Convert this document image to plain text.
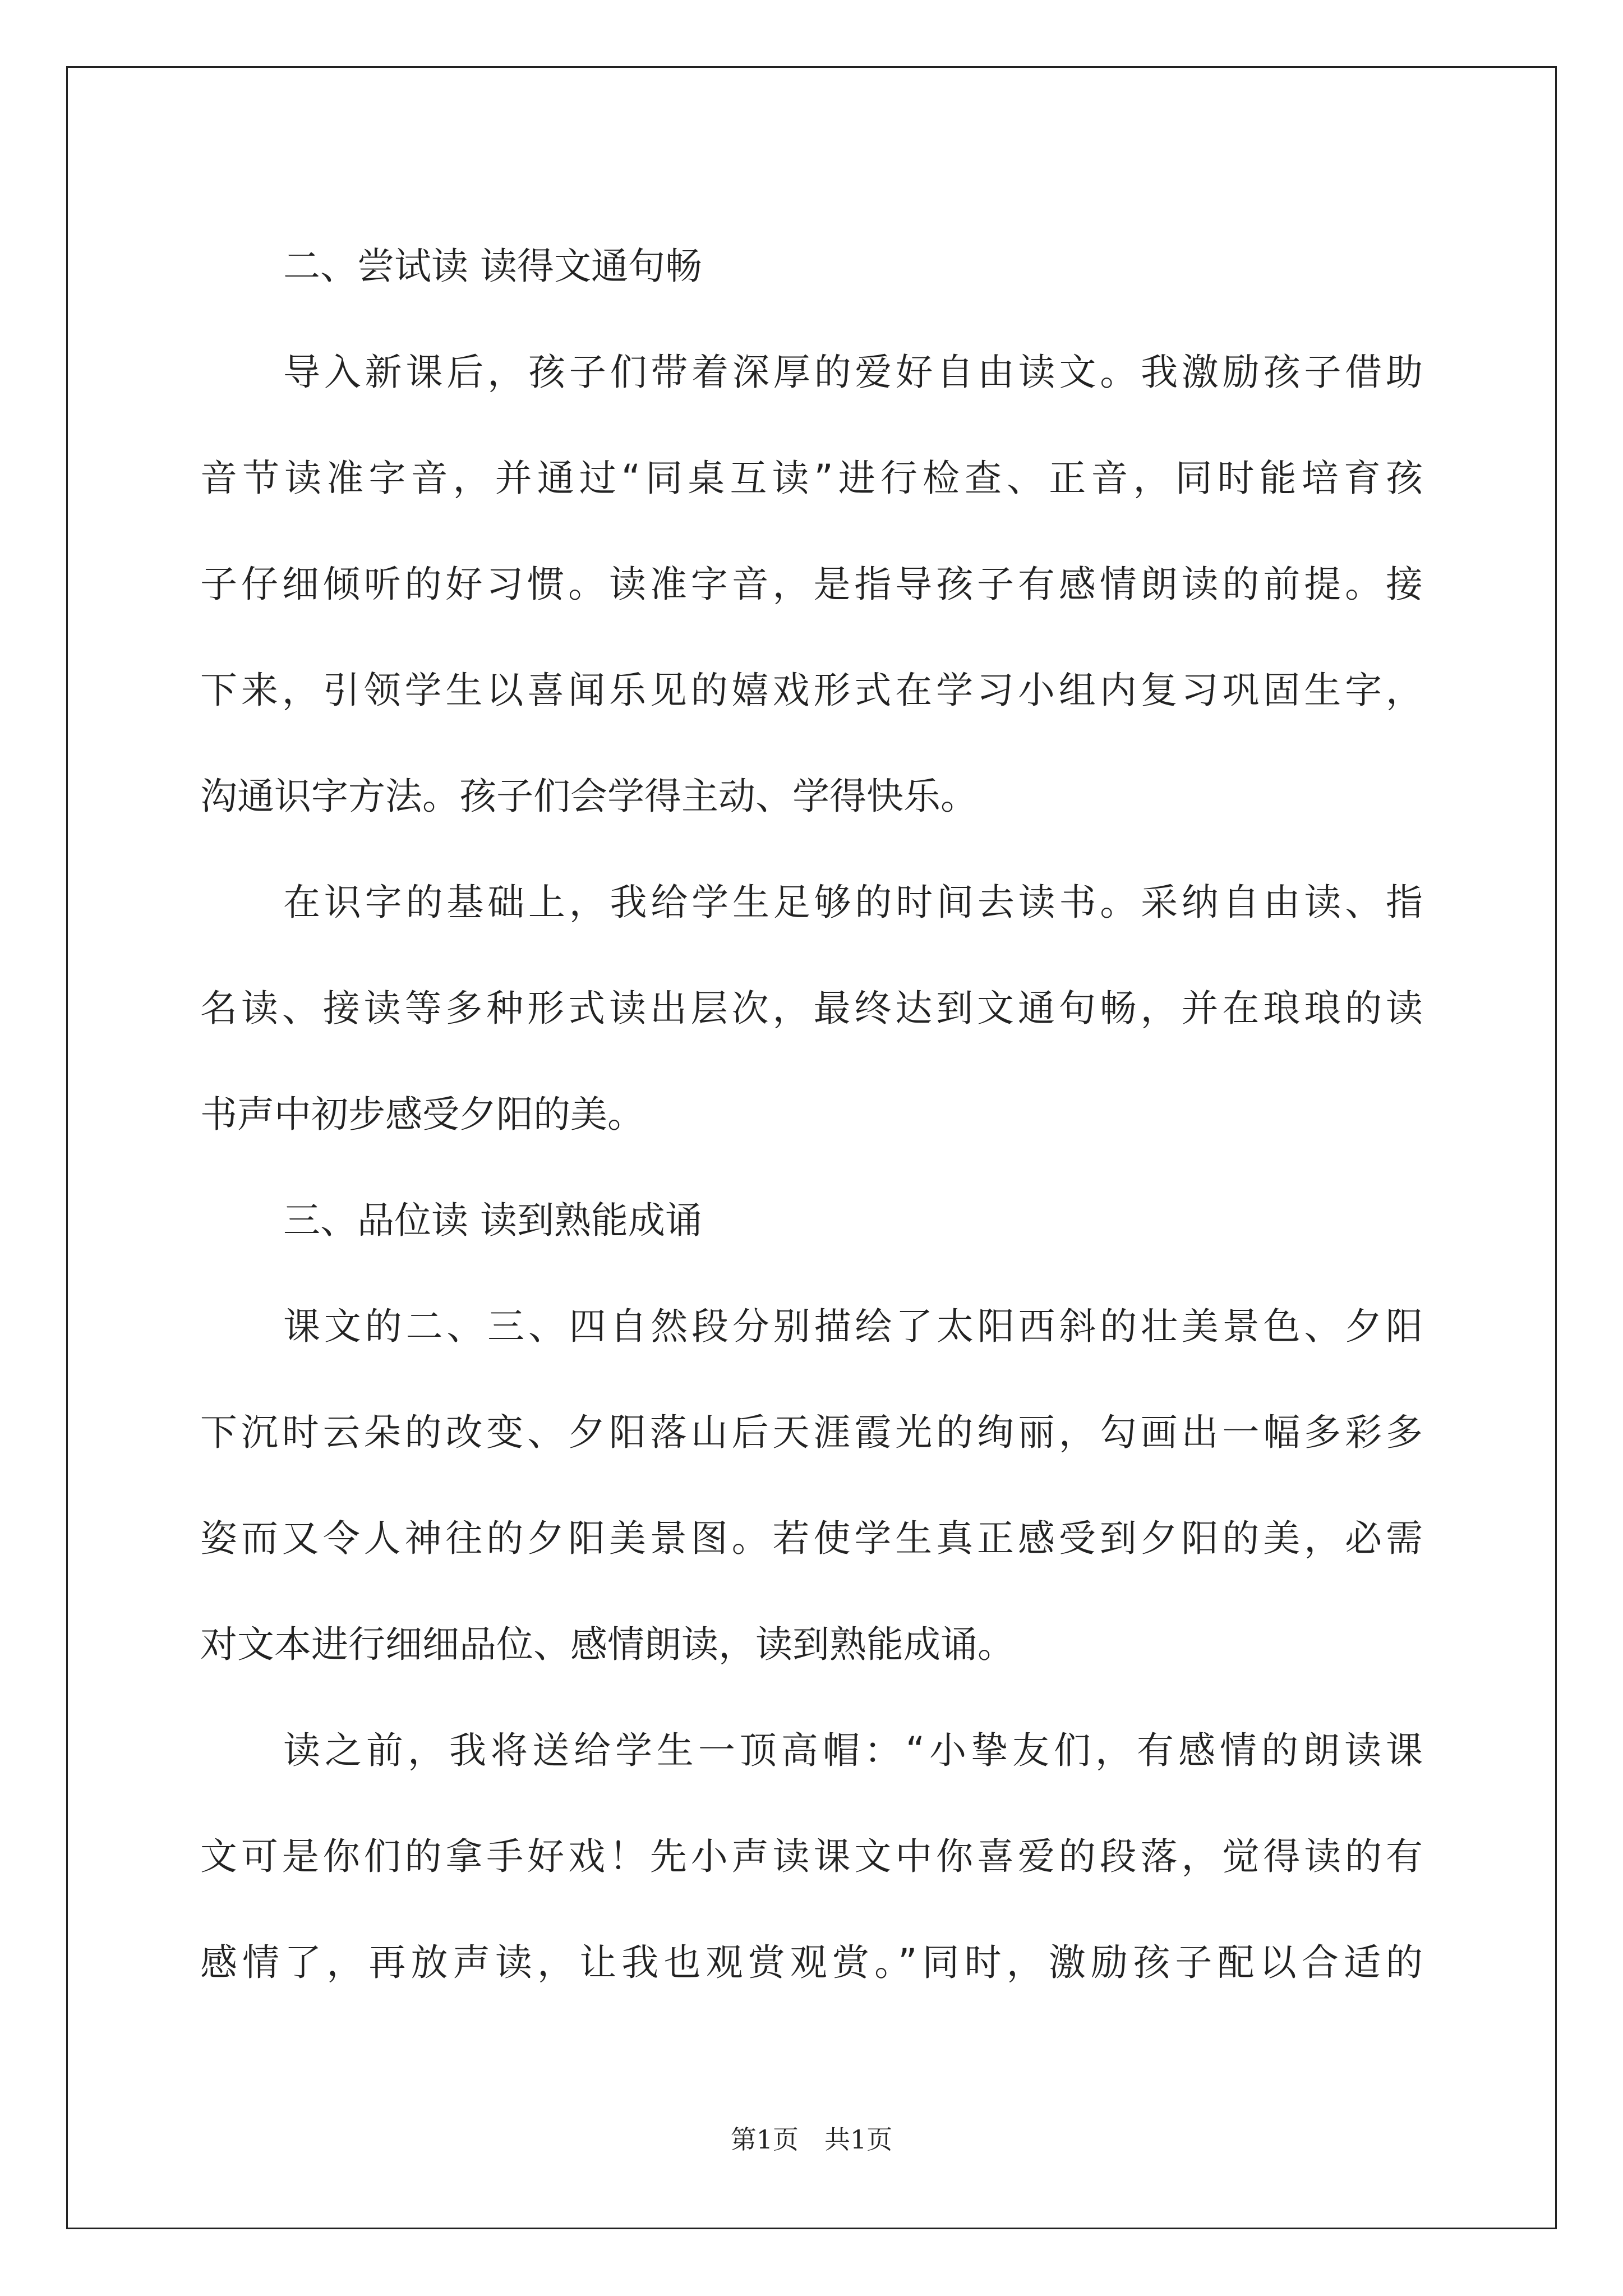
二、尝试读 读得文通句畅
导入新课后，孩子们带着深厚的爱好自由读文。我激励孩子借助
音节读准字音，并通过“同桌互读”进行检查、正音，同时能培育孩
子仔细倾听的好习惯。读准字音，是指导孩子有感情朗读的前提。接
下来，引领学生以喜闻乐见的嬉戏形式在学习小组内复习巩固生字，
沟通识字方法。孩子们会学得主动、学得快乐。
在识字的基础上，我给学生足够的时间去读书。采纳自由读、指
名读、接读等多种形式读出层次，最终达到文通句畅，并在琅琅的读
书声中初步感受夕阳的美。
三、品位读 读到熟能成诵
课文的二、三、四自然段分别描绘了太阳西斜的壮美景色、夕阳
下沉时云朵的改变、夕阳落山后天涯霞光的绚丽，勾画出一幅多彩多
姿而又令人神往的夕阳美景图。若使学生真正感受到夕阳的美，必需
对文本进行细细品位、感情朗读，读到熟能成诵。
读之前，我将送给学生一顶高帽：“小挚友们，有感情的朗读课
文可是你们的拿手好戏！先小声读课文中你喜爱的段落，觉得读的有
感情了，再放声读，让我也观赏观赏。”同时，激励孩子配以合适的
第1页 共1页
